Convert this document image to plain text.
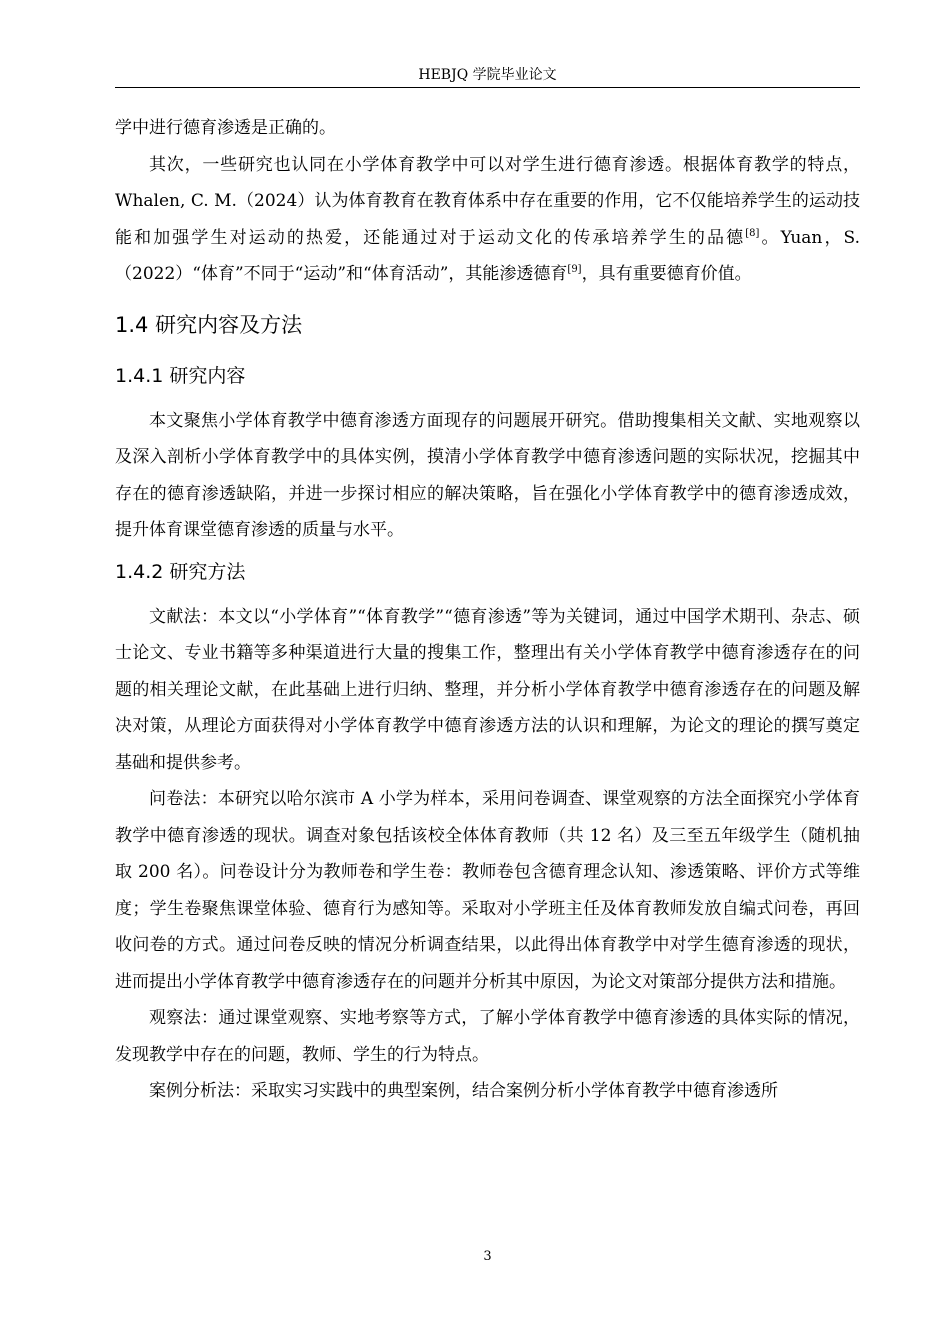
HEBJQ 学院毕业论文

学中进行德育渗透是正确的。

其次，一些研究也认同在小学体育教学中可以对学生进行德育渗透。根据体育教学的特点，Whalen, C. M.（2024）认为体育教育在教育体系中存在重要的作用，它不仅能培养学生的运动技能和加强学生对运动的热爱，还能通过对于运动文化的传承培养学生的品德[8]。Yuan，S.（2022）“体育”不同于“运动”和“体育活动”，其能渗透德育[9]，具有重要德育价值。

1.4 研究内容及方法
1.4.1 研究内容

本文聚焦小学体育教学中德育渗透方面现存的问题展开研究。借助搜集相关文献、实地观察以及深入剖析小学体育教学中的具体实例，摸清小学体育教学中德育渗透问题的实际状况，挖掘其中存在的德育渗透缺陷，并进一步探讨相应的解决策略，旨在强化小学体育教学中的德育渗透成效，提升体育课堂德育渗透的质量与水平。

1.4.2 研究方法

文献法：本文以“小学体育”“体育教学”“德育渗透”等为关键词，通过中国学术期刊、杂志、硕士论文、专业书籍等多种渠道进行大量的搜集工作，整理出有关小学体育教学中德育渗透存在的问题的相关理论文献，在此基础上进行归纳、整理，并分析小学体育教学中德育渗透存在的问题及解决对策，从理论方面获得对小学体育教学中德育渗透方法的认识和理解，为论文的理论的撰写奠定基础和提供参考。

问卷法：本研究以哈尔滨市 A 小学为样本，采用问卷调查、课堂观察的方法全面探究小学体育教学中德育渗透的现状。调查对象包括该校全体体育教师（共 12 名）及三至五年级学生（随机抽取 200 名）。问卷设计分为教师卷和学生卷：教师卷包含德育理念认知、渗透策略、评价方式等维度；学生卷聚焦课堂体验、德育行为感知等。采取对小学班主任及体育教师发放自编式问卷，再回收问卷的方式。通过问卷反映的情况分析调查结果，以此得出体育教学中对学生德育渗透的现状，进而提出小学体育教学中德育渗透存在的问题并分析其中原因，为论文对策部分提供方法和措施。

观察法：通过课堂观察、实地考察等方式，了解小学体育教学中德育渗透的具体实际的情况，发现教学中存在的问题，教师、学生的行为特点。

案例分析法：采取实习实践中的典型案例，结合案例分析小学体育教学中德育渗透所

3
